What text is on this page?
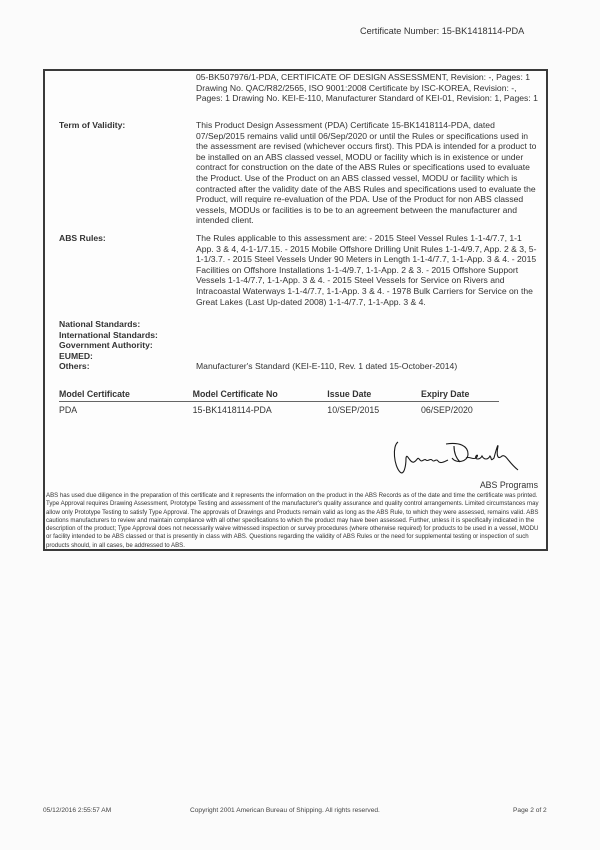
Certificate Number: 15-BK1418114-PDA
05-BK507976/1-PDA, CERTIFICATE OF DESIGN ASSESSMENT, Revision: -, Pages: 1 Drawing No. QAC/R82/2565, ISO 9001:2008 Certificate by ISC-KOREA, Revision: -, Pages: 1 Drawing No. KEI-E-110, Manufacturer Standard of KEI-01, Revision: 1, Pages: 1
Term of Validity:	This Product Design Assessment (PDA) Certificate 15-BK1418114-PDA, dated 07/Sep/2015 remains valid until 06/Sep/2020 or until the Rules or specifications used in the assessment are revised (whichever occurs first). This PDA is intended for a product to be installed on an ABS classed vessel, MODU or facility which is in existence or under contract for construction on the date of the ABS Rules or specifications used to evaluate the Product. Use of the Product on an ABS classed vessel, MODU or facility which is contracted after the validity date of the ABS Rules and specifications used to evaluate the Product, will require re-evaluation of the PDA. Use of the Product for non ABS classed vessels, MODUs or facilities is to be to an agreement between the manufacturer and intended client.
ABS Rules:	The Rules applicable to this assessment are: - 2015 Steel Vessel Rules 1-1-4/7.7, 1-1 App. 3 & 4, 4-1-1/7.15. - 2015 Mobile Offshore Drilling Unit Rules 1-1-4/9.7, App. 2 & 3, 5-1-1/3.7. - 2015 Steel Vessels Under 90 Meters in Length 1-1-4/7.7, 1-1-App. 3 & 4. - 2015 Facilities on Offshore Installations 1-1-4/9.7, 1-1-App. 2 & 3. - 2015 Offshore Support Vessels 1-1-4/7.7, 1-1-App. 3 & 4. - 2015 Steel Vessels for Service on Rivers and Intracoastal Waterways 1-1-4/7.7, 1-1-App. 3 & 4. - 1978 Bulk Carriers for Service on the Great Lakes (Last Up-dated 2008) 1-1-4/7.7, 1-1-App. 3 & 4.
National Standards:
International Standards:
Government Authority:
EUMED:
Others:	Manufacturer's Standard (KEI-E-110, Rev. 1 dated 15-October-2014)
Model Certificate	Model Certificate No	Issue Date	Expiry Date
PDA	15-BK1418114-PDA	10/SEP/2015	06/SEP/2020
ABS Programs
ABS has used due diligence in the preparation of this certificate and it represents the information on the product in the ABS Records as of the date and time the certificate was printed. Type Approval requires Drawing Assessment, Prototype Testing and assessment of the manufacturer's quality assurance and quality control arrangements. Limited circumstances may allow only Prototype Testing to satisfy Type Approval. The approvals of Drawings and Products remain valid as long as the ABS Rule, to which they were assessed, remains valid. ABS cautions manufacturers to review and maintain compliance with all other specifications to which the product may have been assessed. Further, unless it is specifically indicated in the description of the product; Type Approval does not necessarily waive witnessed inspection or survey procedures (where otherwise required) for products to be used in a vessel, MODU or facility intended to be ABS classed or that is presently in class with ABS. Questions regarding the validity of ABS Rules or the need for supplemental testing or inspection of such products should, in all cases, be addressed to ABS.
05/12/2016 2:55:57 AM	Copyright 2001 American Bureau of Shipping. All rights reserved.	Page 2 of 2
